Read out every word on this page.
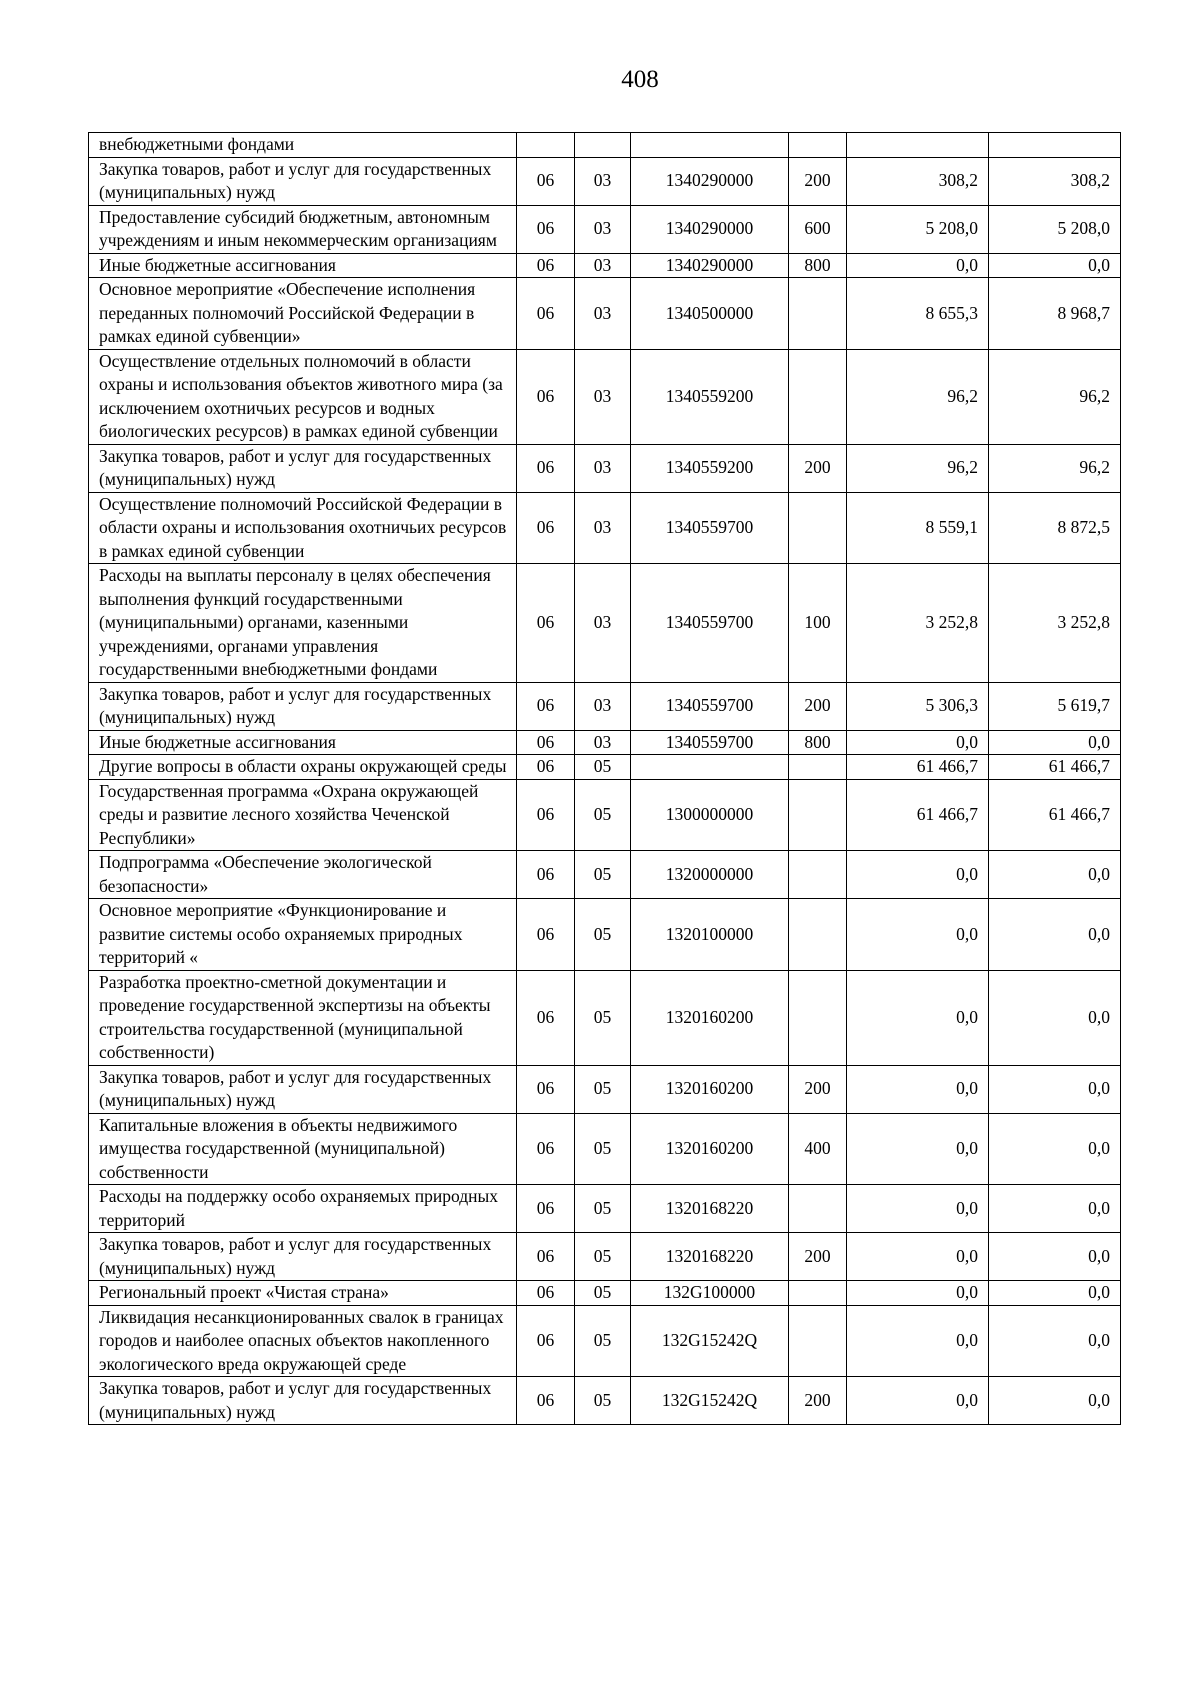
408
внебюджетными фондами						
Закупка товаров, работ и услуг для государственных (муниципальных) нужд	06	03	1340290000	200	308,2	308,2
Предоставление субсидий бюджетным, автономным учреждениям и иным некоммерческим организациям	06	03	1340290000	600	5 208,0	5 208,0
Иные бюджетные ассигнования	06	03	1340290000	800	0,0	0,0
Основное мероприятие «Обеспечение исполнения переданных полномочий Российской Федерации в рамках единой субвенции»	06	03	1340500000		8 655,3	8 968,7
Осуществление отдельных полномочий в области охраны и использования объектов животного мира (за исключением охотничьих ресурсов и водных биологических ресурсов) в рамках единой субвенции	06	03	1340559200		96,2	96,2
Закупка товаров, работ и услуг для государственных (муниципальных) нужд	06	03	1340559200	200	96,2	96,2
Осуществление полномочий Российской Федерации в области охраны и использования охотничьих ресурсов в рамках единой субвенции	06	03	1340559700		8 559,1	8 872,5
Расходы на выплаты персоналу в целях обеспечения выполнения функций государственными (муниципальными) органами, казенными учреждениями, органами управления государственными внебюджетными фондами	06	03	1340559700	100	3 252,8	3 252,8
Закупка товаров, работ и услуг для государственных (муниципальных) нужд	06	03	1340559700	200	5 306,3	5 619,7
Иные бюджетные ассигнования	06	03	1340559700	800	0,0	0,0
Другие вопросы в области охраны окружающей среды	06	05			61 466,7	61 466,7
Государственная программа «Охрана окружающей среды и развитие лесного хозяйства Чеченской Республики»	06	05	1300000000		61 466,7	61 466,7
Подпрограмма «Обеспечение экологической безопасности»	06	05	1320000000		0,0	0,0
Основное мероприятие «Функционирование и развитие системы особо охраняемых природных территорий «	06	05	1320100000		0,0	0,0
Разработка проектно-сметной документации и проведение государственной экспертизы на объекты строительства государственной (муниципальной собственности)	06	05	1320160200		0,0	0,0
Закупка товаров, работ и услуг для государственных (муниципальных) нужд	06	05	1320160200	200	0,0	0,0
Капитальные вложения в объекты недвижимого имущества государственной (муниципальной) собственности	06	05	1320160200	400	0,0	0,0
Расходы на поддержку особо охраняемых природных территорий	06	05	1320168220		0,0	0,0
Закупка товаров, работ и услуг для государственных (муниципальных) нужд	06	05	1320168220	200	0,0	0,0
Региональный проект «Чистая страна»	06	05	132G100000		0,0	0,0
Ликвидация несанкционированных свалок в границах городов и наиболее опасных объектов накопленного экологического вреда окружающей среде	06	05	132G15242Q		0,0	0,0
Закупка товаров, работ и услуг для государственных (муниципальных) нужд	06	05	132G15242Q	200	0,0	0,0
